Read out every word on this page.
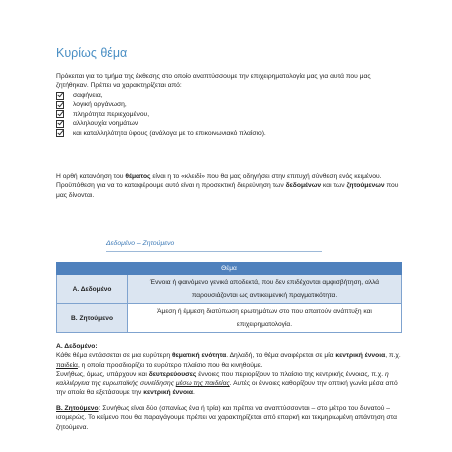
Κυρίως θέμα

Πρόκειται για το τμήμα της έκθεσης στο οποίο αναπτύσσουμε την επιχειρηματολογία μας για αυτά που μας ζητήθηκαν. Πρέπει να χαρακτηρίζεται από:

σαφήνεια,
λογική οργάνωση,
πληρότητα περιεχομένου,
αλληλουχία νοημάτων
και καταλληλότητα ύφους (ανάλογα με το επικοινωνιακό πλαίσιο).

Η ορθή κατανόηση του θέματος είναι η το «κλειδί» που θα μας οδηγήσει στην επιτυχή σύνθεση ενός κειμένου. Προϋπόθεση για να το καταφέρουμε αυτό είναι η προσεκτική διερεύνηση των δεδομένων και των ζητούμενων που μας δίνονται.

Δεδομένο – Ζητούμενο
Θέμα	
Α. Δεδομένο	Έννοια ή φαινόμενο γενικά αποδεκτά, που δεν επιδέχονται αμφισβήτηση, αλλά παρουσιάζονται ως αντικειμενική πραγματικότητα.
Β. Ζητούμενο	Άμεση ή έμμεση διατύπωση ερωτημάτων στο που απαιτούν ανάπτυξη και επιχειρηματολογία.
Α. Δεδομένο:
Κάθε θέμα εντάσσεται σε μια ευρύτερη θεματική ενότητα. Δηλαδή, το θέμα αναφέρεται σε μία κεντρική έννοια, π.χ. παιδεία, η οποία προσδιορίζει το ευρύτερο πλαίσιο που θα κινηθούμε.
Συνήθως, όμως, υπάρχουν και δευτερεύουσες έννοιες που περιορίζουν το πλαίσιο της κεντρικής έννοιας, π.χ. η καλλιέργεια της ευρωπαϊκής συνείδησης μέσω της παιδείας. Αυτές οι έννοιες καθορίζουν την οπτική γωνία μέσα από την οποία θα εξετάσουμε την κεντρική έννοια.

Β. Ζητούμενο: Συνήθως είναι δύο (σπανίως ένα ή τρία) και πρέπει να αναπτύσσονται – στο μέτρο του δυνατού – ισομερώς. Το κείμενο που θα παραγάγουμε πρέπει να χαρακτηρίζεται από επαρκή και τεκμηριωμένη απάντηση στα ζητούμενα.
